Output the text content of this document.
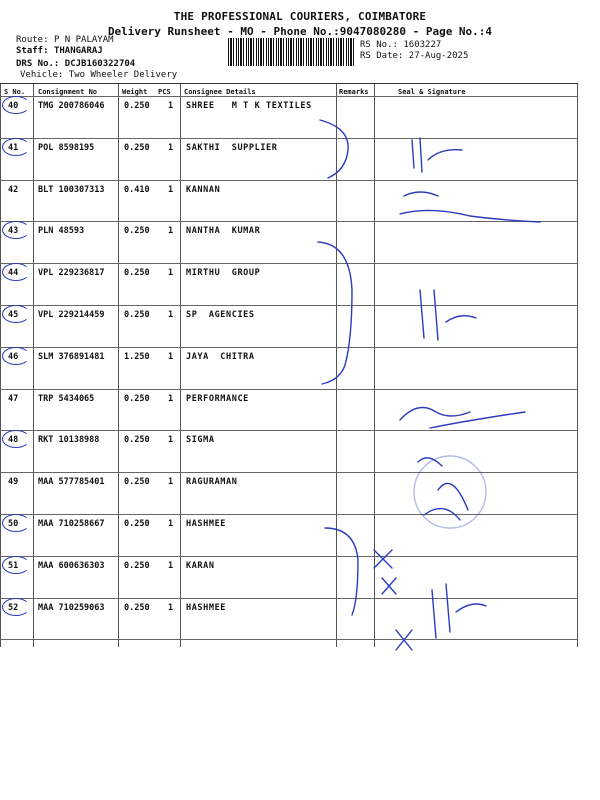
THE PROFESSIONAL COURIERS, COIMBATORE
Delivery Runsheet - MO - Phone No.:9047080280 - Page No.:4
Route: P N PALAYAM
Staff: THANGARAJ
DRS No.: DCJB160322704
Vehicle: Two Wheeler Delivery
RS No.: 1603227
RS Date: 27-Aug-2025
S No. Consignment No	Weight PCS Consignee Details	Remarks	Seal & Signature
40 TMG 200786046 0.250 1 SHREE   M T K TEXTILES
41 POL 8598195	0.250 1 SAKTHI  SUPPLIER
42 BLT 100307313 0.410 1 KANNAN
43 PLN 48593	0.250 1 NANTHA  KUMAR
44 VPL 229236817 0.250 1 MIRTHU  GROUP
45 VPL 229214459 0.250 1 SP  AGENCIES
46 SLM 376891481 1.250 1 JAYA  CHITRA
47 TRP 5434065	0.250 1 PERFORMANCE
48 RKT 10138988	0.250 1 SIGMA
49 MAA 577785401 0.250 1 RAGURAMAN
50 MAA 710258667 0.250 1 HASHMEE
51 MAA 600636303 0.250 1 KARAN
52 MAA 710259063 0.250 1 HASHMEE
